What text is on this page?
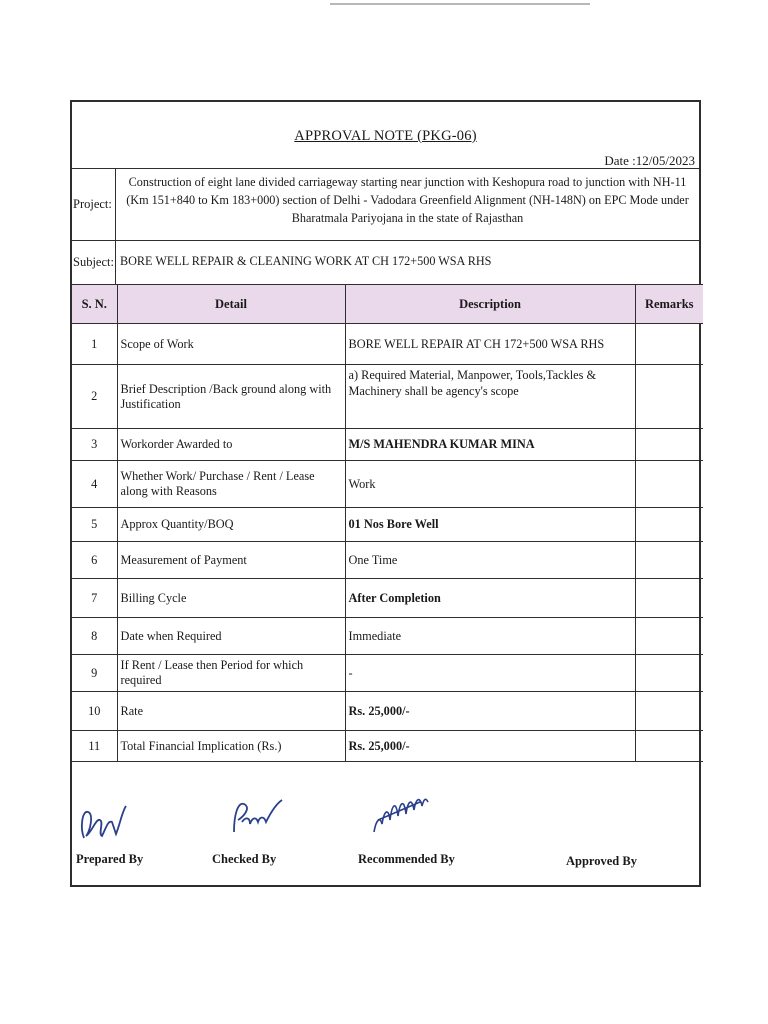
APPROVAL NOTE (PKG-06)
Date :12/05/2023
Project:
Construction of eight lane divided carriageway starting near junction with Keshopura road to junction with NH-11 (Km 151+840 to Km 183+000) section of Delhi - Vadodara Greenfield Alignment (NH-148N) on EPC Mode under Bharatmala Pariyojana in the state of Rajasthan
Subject: BORE WELL REPAIR & CLEANING WORK AT CH 172+500 WSA RHS
S. N.	Detail	Description	Remarks
1	Scope of Work	BORE WELL REPAIR AT CH 172+500 WSA RHS	
2	Brief Description /Back ground along with Justification	a) Required Material, Manpower, Tools,Tackles & Machinery shall be agency's scope	
3	Workorder Awarded to	M/S MAHENDRA KUMAR MINA	
4	Whether Work/ Purchase / Rent / Lease along with Reasons	Work	
5	Approx Quantity/BOQ	01 Nos Bore Well	
6	Measurement of Payment	One Time	
7	Billing Cycle	After Completion	
8	Date when Required	Immediate	
9	If Rent / Lease then Period for which required	-	
10	Rate	Rs. 25,000/-	
11	Total Financial Implication (Rs.)	Rs. 25,000/-	
Prepared By	Checked By	Recommended By	Approved By
